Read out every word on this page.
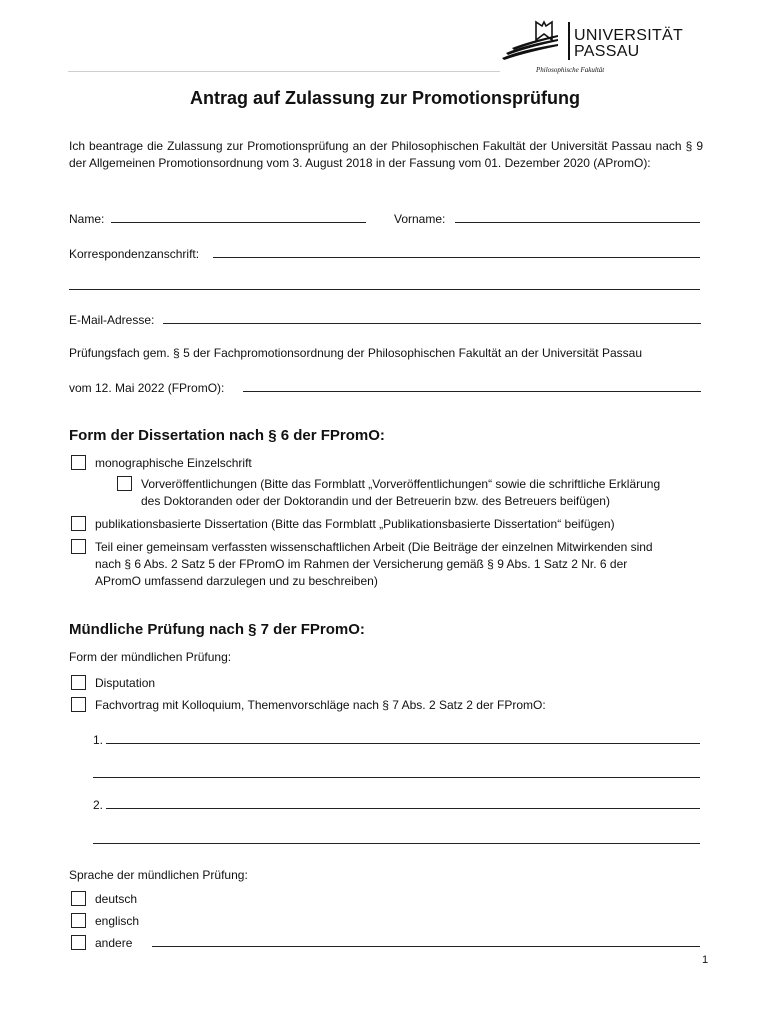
UNIVERSITÄT
PASSAU
Philosophische Fakultät
Antrag auf Zulassung zur Promotionsprüfung
Ich beantrage die Zulassung zur Promotionsprüfung an der Philosophischen Fakultät der Universität Passau nach § 9 der Allgemeinen Promotionsordnung vom 3. August 2018 in der Fassung vom 01. Dezember 2020 (APromO):
Name:	Vorname:
Korrespondenzanschrift:
E-Mail-Adresse:
Prüfungsfach gem. § 5 der Fachpromotionsordnung der Philosophischen Fakultät an der Universität Passau
vom 12. Mai 2022 (FPromO):
Form der Dissertation nach § 6 der FPromO:
monographische Einzelschrift
Vorveröffentlichungen (Bitte das Formblatt „Vorveröffentlichungen“ sowie die schriftliche Erklärung
des Doktoranden oder der Doktorandin und der Betreuerin bzw. des Betreuers beifügen)
publikationsbasierte Dissertation (Bitte das Formblatt „Publikationsbasierte Dissertation“ beifügen)
Teil einer gemeinsam verfassten wissenschaftlichen Arbeit (Die Beiträge der einzelnen Mitwirkenden sind
nach § 6 Abs. 2 Satz 5 der FPromO im Rahmen der Versicherung gemäß § 9 Abs. 1 Satz 2 Nr. 6 der
APromO umfassend darzulegen und zu beschreiben)
Mündliche Prüfung nach § 7 der FPromO:
Form der mündlichen Prüfung:
Disputation
Fachvortrag mit Kolloquium, Themenvorschläge nach § 7 Abs. 2 Satz 2 der FPromO:
1.
2.
Sprache der mündlichen Prüfung:
deutsch
englisch
andere
1
